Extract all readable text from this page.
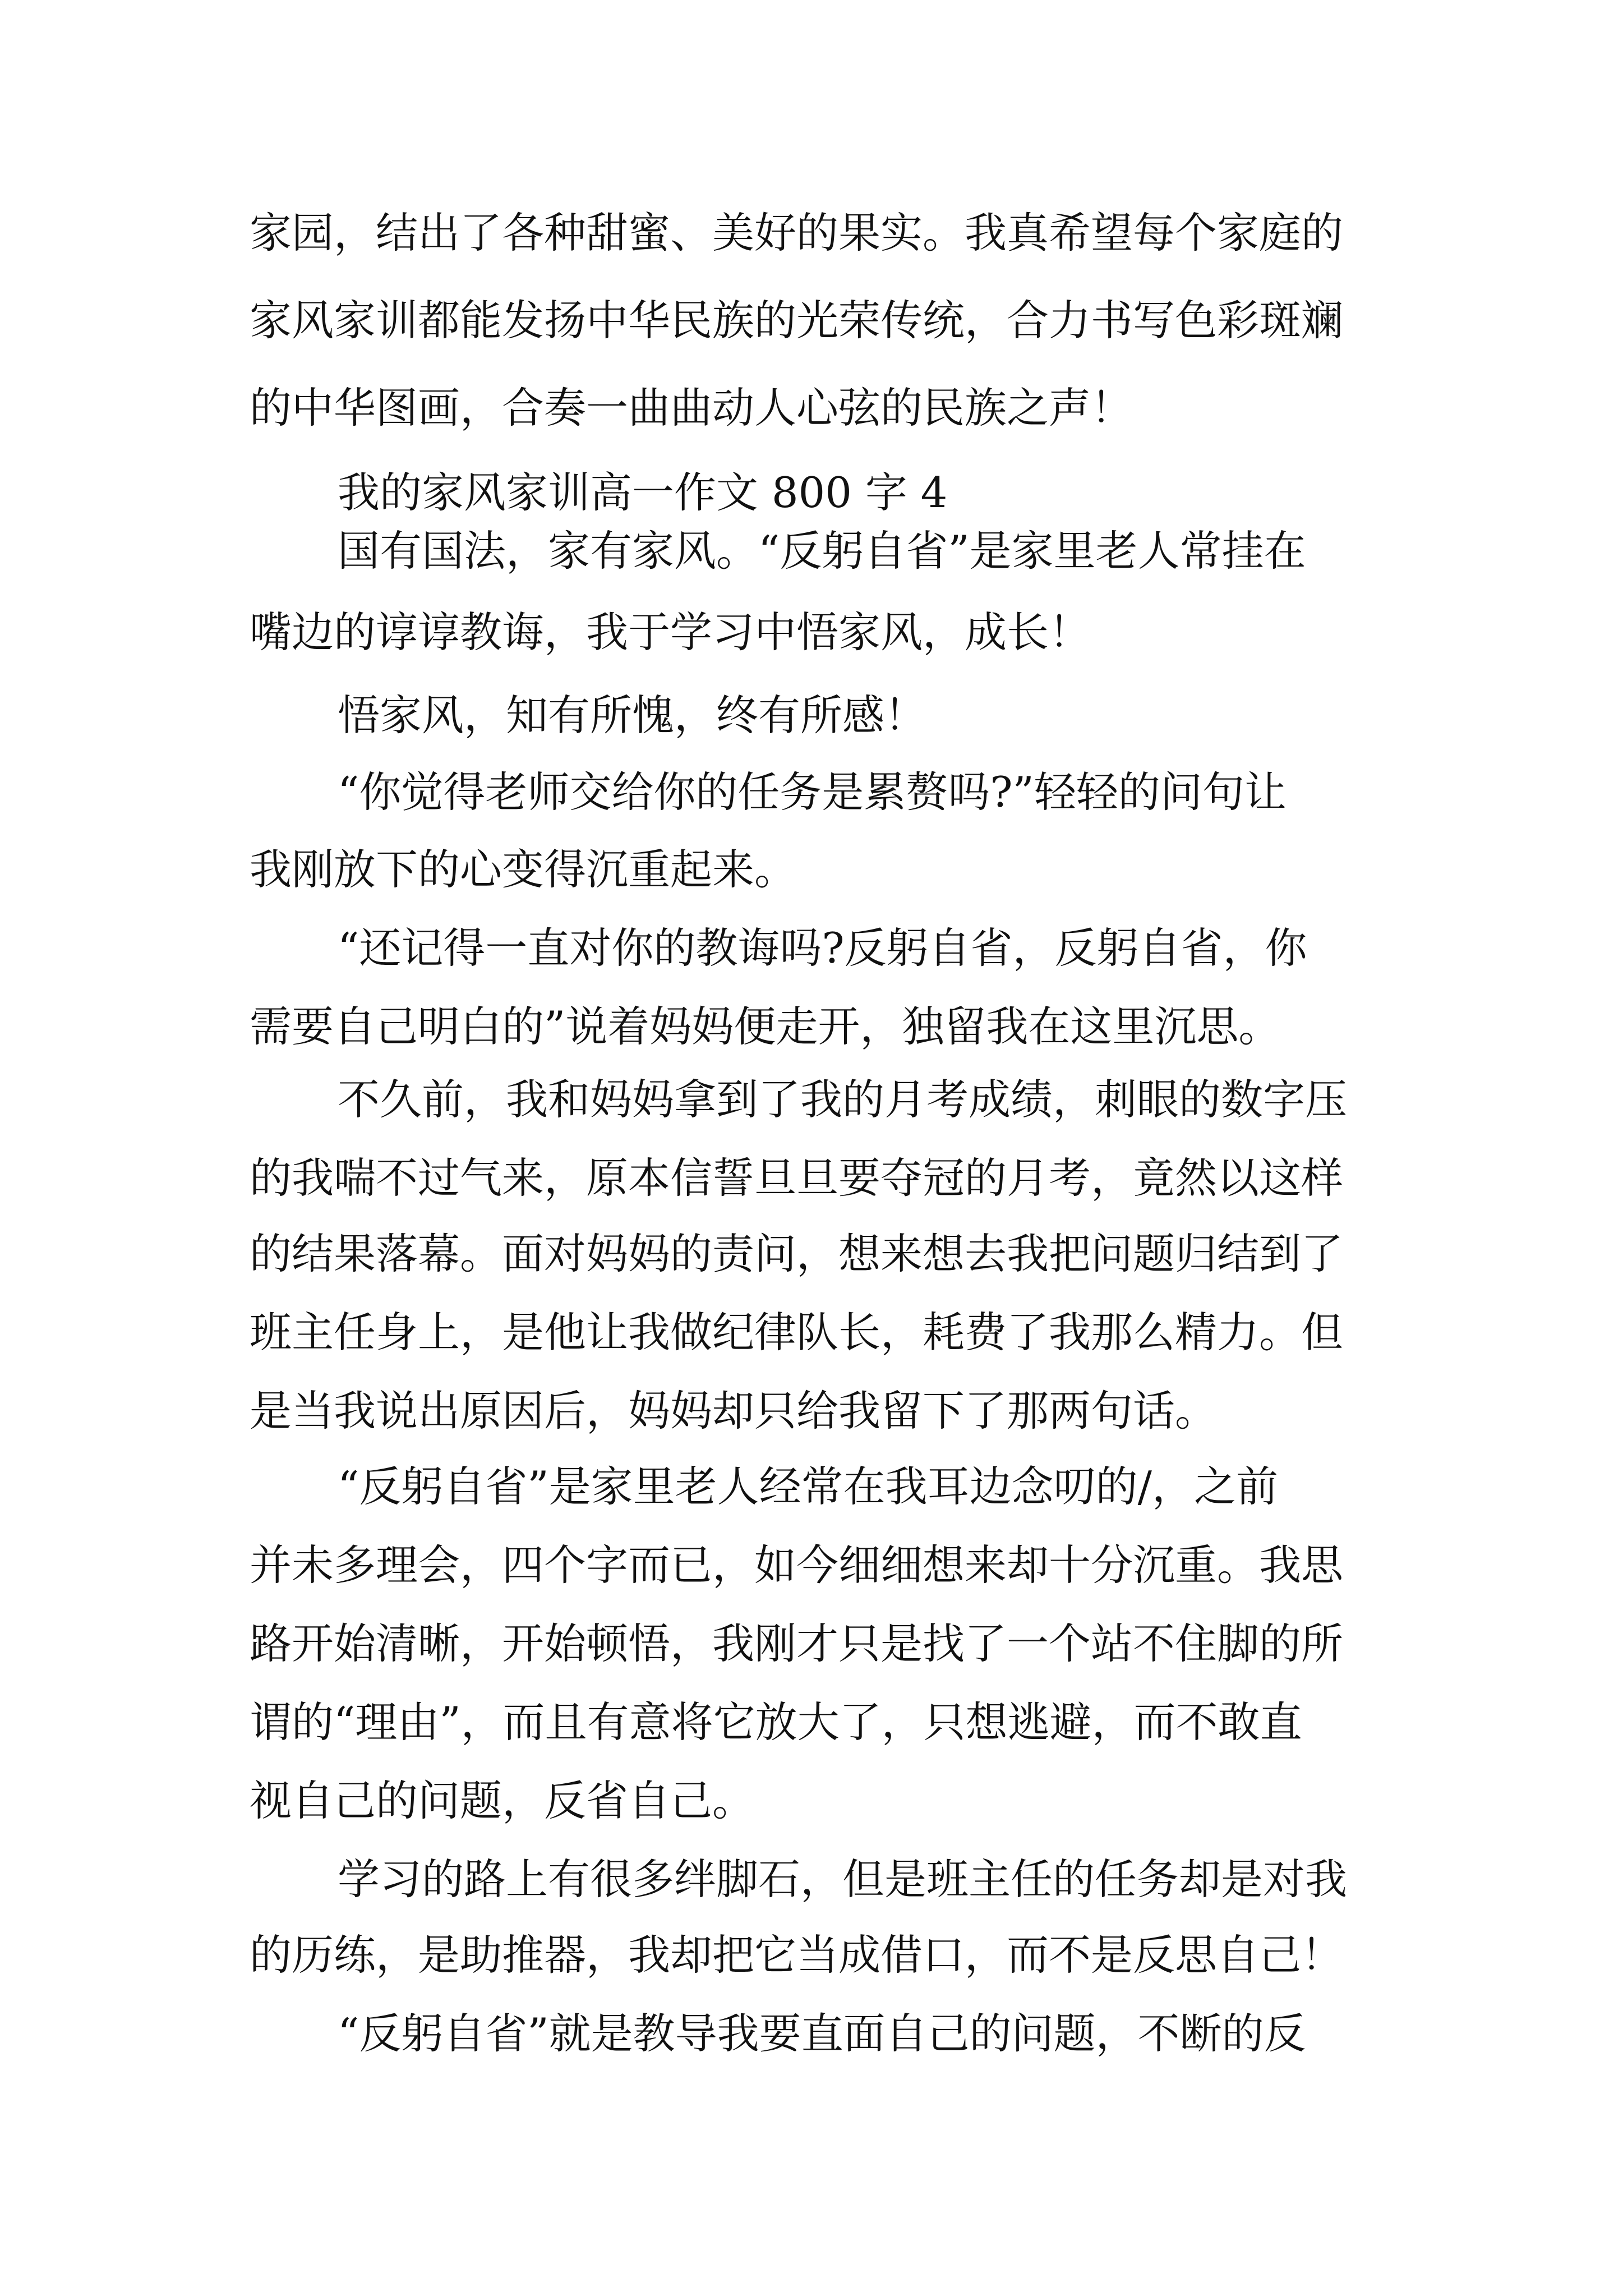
家园，结出了各种甜蜜、美好的果实。我真希望每个家庭的
家风家训都能发扬中华民族的光荣传统，合力书写色彩斑斓
的中华图画，合奏一曲曲动人心弦的民族之声！
我的家风家训高一作文 800 字 4
国有国法，家有家风。“反躬自省”是家里老人常挂在
嘴边的谆谆教诲，我于学习中悟家风，成长！
悟家风，知有所愧，终有所感！
“你觉得老师交给你的任务是累赘吗?”轻轻的问句让
我刚放下的心变得沉重起来。
“还记得一直对你的教诲吗?反躬自省，反躬自省，你
需要自己明白的”说着妈妈便走开，独留我在这里沉思。
不久前，我和妈妈拿到了我的月考成绩，刺眼的数字压
的我喘不过气来，原本信誓旦旦要夺冠的月考，竟然以这样
的结果落幕。面对妈妈的责问，想来想去我把问题归结到了
班主任身上，是他让我做纪律队长，耗费了我那么精力。但
是当我说出原因后，妈妈却只给我留下了那两句话。
“反躬自省”是家里老人经常在我耳边念叨的/，之前
并未多理会，四个字而已，如今细细想来却十分沉重。我思
路开始清晰，开始顿悟，我刚才只是找了一个站不住脚的所
谓的“理由”，而且有意将它放大了，只想逃避，而不敢直
视自己的问题，反省自己。
学习的路上有很多绊脚石，但是班主任的任务却是对我
的历练，是助推器，我却把它当成借口，而不是反思自己！
“反躬自省”就是教导我要直面自己的问题，不断的反
